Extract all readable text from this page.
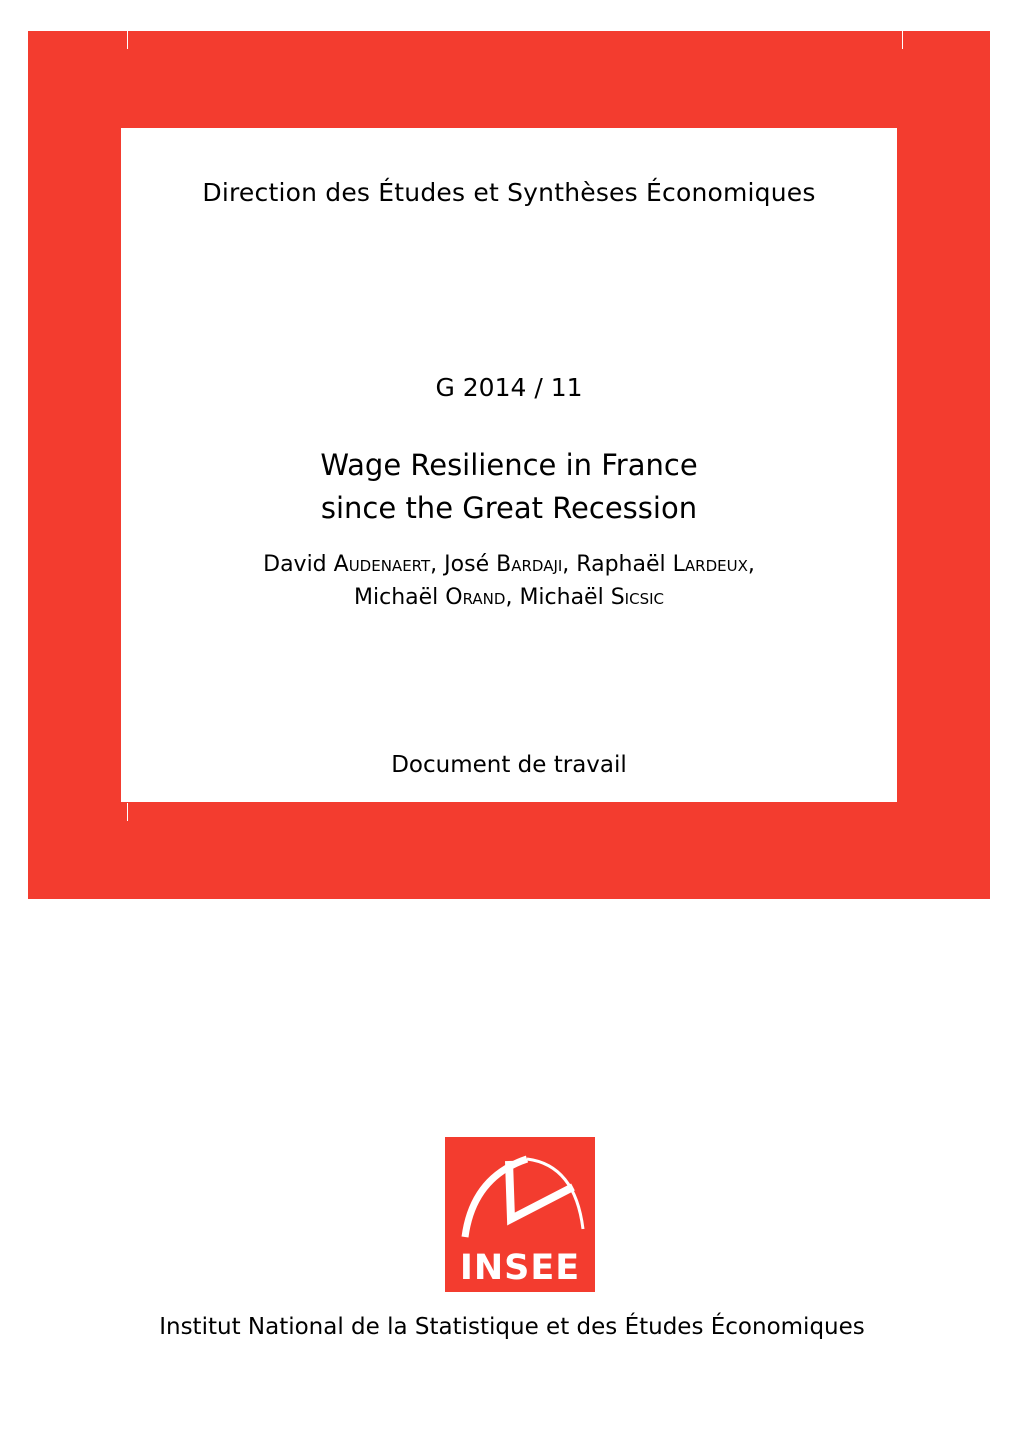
Direction des Études et Synthèses Économiques
G 2014 / 11
Wage Resilience in France
since the Great Recession
David Audenaert, José Bardaji, Raphaël Lardeux,
Michaël Orand, Michaël Sicsic
Document de travail
INSEE
Institut National de la Statistique et des Études Économiques
